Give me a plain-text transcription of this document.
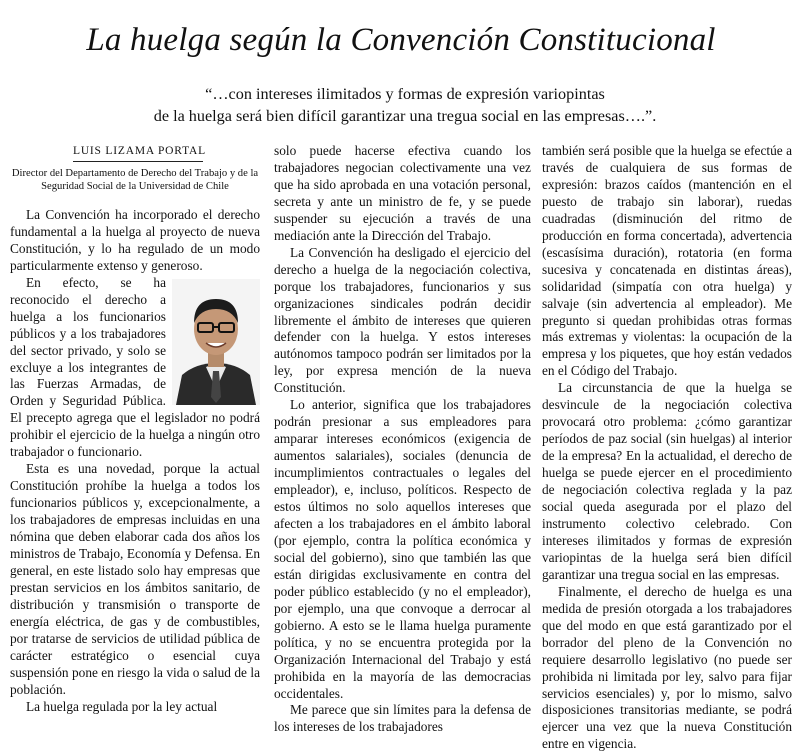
La huelga según la Convención Constitucional
“…con intereses ilimitados y formas de expresión variopintas
de la huelga será bien difícil garantizar una tregua social en las empresas….”.
LUIS LIZAMA PORTAL
Director del Departamento de Derecho del Trabajo y de la Seguridad Social de la Universidad de Chile

La Convención ha incorporado el derecho fundamental a la huelga al proyecto de nueva Constitución, y lo ha regulado de un modo particularmente extenso y generoso.

En efecto, se ha reconocido el derecho a huelga a los funcionarios públicos y a los trabajadores del sector privado, y solo se excluye a los integrantes de las Fuerzas Armadas, de Orden y Seguridad Pública. El precepto agrega que el legislador no podrá prohibir el ejercicio de la huelga a ningún otro trabajador o funcionario.

Esta es una novedad, porque la actual Constitución prohíbe la huelga a todos los funcionarios públicos y, excepcionalmente, a los trabajadores de empresas incluidas en una nómina que deben elaborar cada dos años los ministros de Trabajo, Economía y Defensa. En general, en este listado solo hay empresas que prestan servicios en los ámbitos sanitario, de distribución y transmisión o transporte de energía eléctrica, de gas y de combustibles, por tratarse de servicios de utilidad pública de carácter estratégico o esencial cuya suspensión pone en riesgo la vida o salud de la población.

La huelga regulada por la ley actual

solo puede hacerse efectiva cuando los trabajadores negocian colectivamente una vez que ha sido aprobada en una votación personal, secreta y ante un ministro de fe, y se puede suspender su ejecución a través de una mediación ante la Dirección del Trabajo.

La Convención ha desligado el ejercicio del derecho a huelga de la negociación colectiva, porque los trabajadores, funcionarios y sus organizaciones sindicales podrán decidir libremente el ámbito de intereses que quieren defender con la huelga. Y estos intereses autónomos tampoco podrán ser limitados por la ley, por expresa mención de la nueva Constitución.

Lo anterior, significa que los trabajadores podrán presionar a sus empleadores para amparar intereses económicos (exigencia de aumentos salariales), sociales (denuncia de incumplimientos contractuales o legales del empleador), e, incluso, políticos. Respecto de estos últimos no solo aquellos intereses que afecten a los trabajadores en el ámbito laboral (por ejemplo, contra la política económica y social del gobierno), sino que también las que están dirigidas exclusivamente en contra del poder público establecido (y no el empleador), por ejemplo, una que convoque a derrocar al gobierno. A esto se le llama huelga puramente política, y no se encuentra protegida por la Organización Internacional del Trabajo y está prohibida en la mayoría de las democracias occidentales.

Me parece que sin límites para la defensa de los intereses de los trabajadores

también será posible que la huelga se efectúe a través de cualquiera de sus formas de expresión: brazos caídos (mantención en el puesto de trabajo sin laborar), ruedas cuadradas (disminución del ritmo de producción en forma concertada), advertencia (escasísima duración), rotatoria (en forma sucesiva y concatenada en distintas áreas), solidaridad (simpatía con otra huelga) y salvaje (sin advertencia al empleador). Me pregunto si quedan prohibidas otras formas más extremas y violentas: la ocupación de la empresa y los piquetes, que hoy están vedados en el Código del Trabajo.

La circunstancia de que la huelga se desvincule de la negociación colectiva provocará otro problema: ¿cómo garantizar períodos de paz social (sin huelgas) al interior de la empresa? En la actualidad, el derecho de huelga se puede ejercer en el procedimiento de negociación colectiva reglada y la paz social queda asegurada por el plazo del instrumento colectivo celebrado. Con intereses ilimitados y formas de expresión variopintas de la huelga será bien difícil garantizar una tregua social en las empresas.

Finalmente, el derecho de huelga es una medida de presión otorgada a los trabajadores que del modo en que está garantizado por el borrador del pleno de la Convención no requiere desarrollo legislativo (no puede ser prohibida ni limitada por ley, salvo para fijar servicios esenciales) y, por lo mismo, salvo disposiciones transitorias mediante, se podrá ejercer una vez que la nueva Constitución entre en vigencia.
